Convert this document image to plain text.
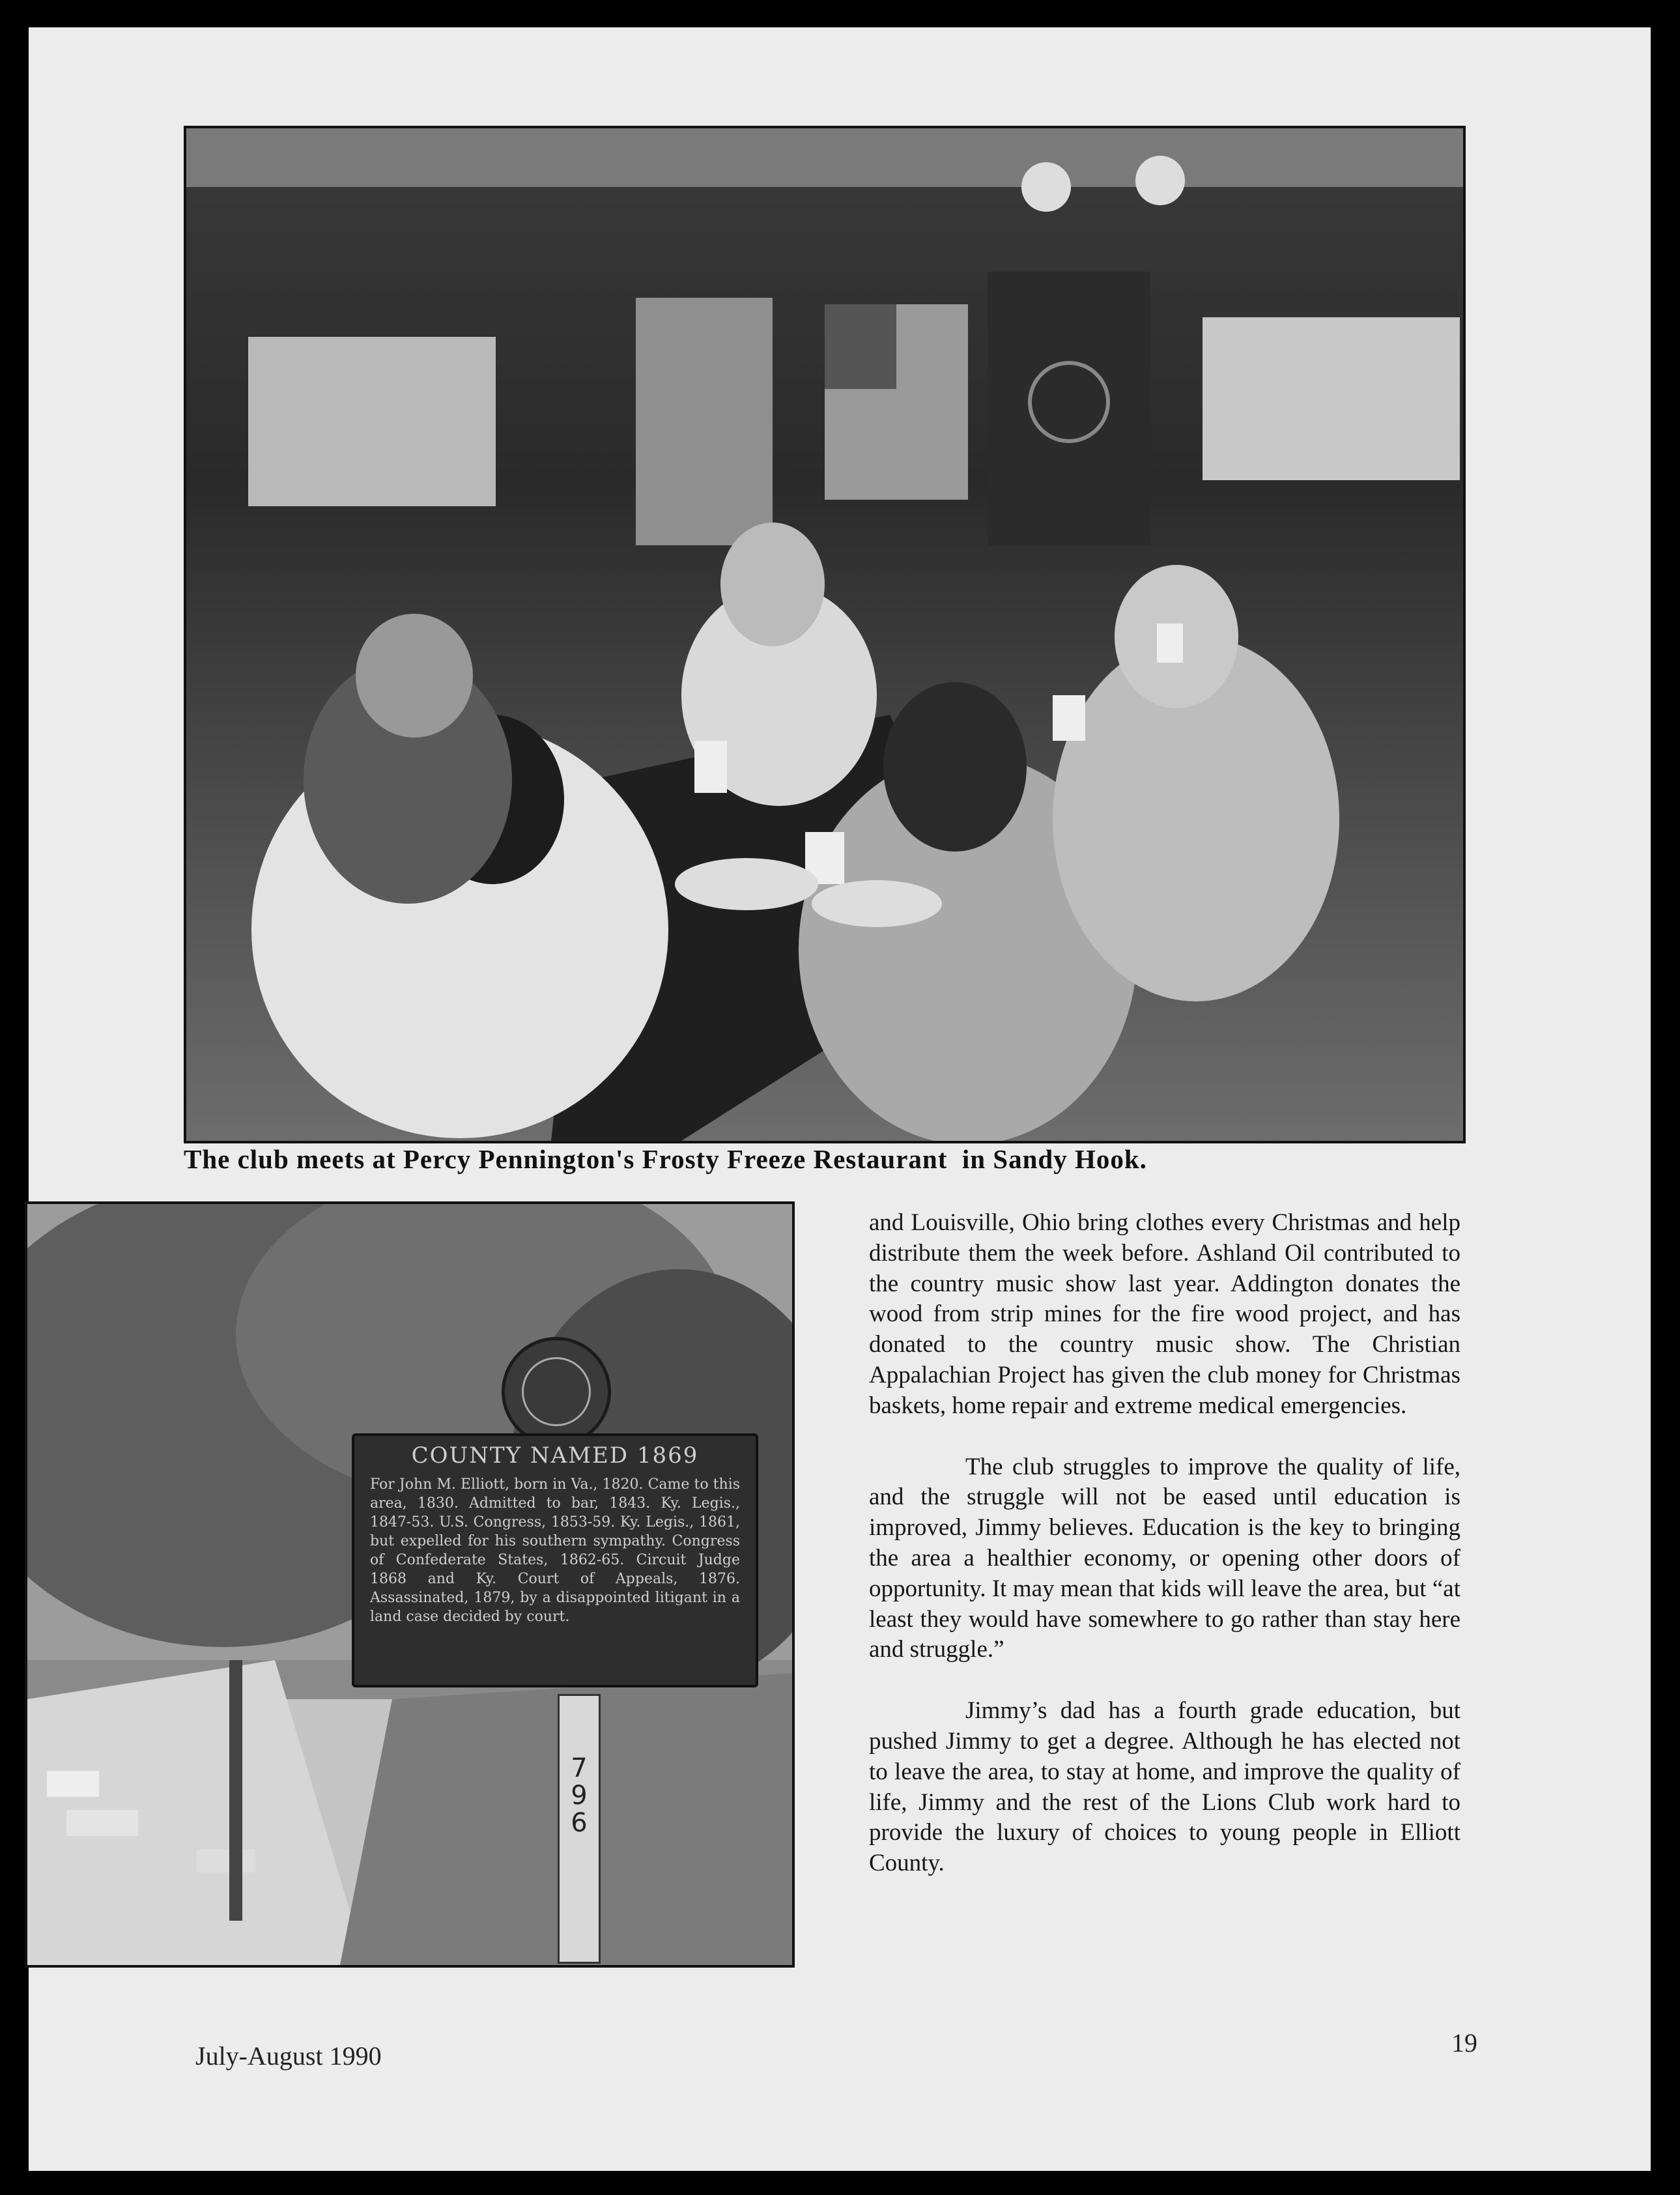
The club meets at Percy Pennington's Frosty Freeze Restaurant  in Sandy Hook.
COUNTY NAMED 1869
For John M. Elliott, born in Va., 1820. Came to this area, 1830. Admitted to bar, 1843. Ky. Legis., 1847-53. U.S. Congress, 1853-59. Ky. Legis., 1861, but expelled for his southern sympathy. Congress of Confederate States, 1862-65. Circuit Judge 1868 and Ky. Court of Appeals, 1876. Assassinated, 1879, by a disappointed litigant in a land case decided by court.
7
9
6

and Louisville, Ohio bring clothes every Christmas and help distribute them the week before. Ashland Oil contributed to the country music show last year. Addington donates the wood from strip mines for the fire wood project, and has donated to the country music show. The Christian Appalachian Project has given the club money for Christmas baskets, home repair and extreme medical emergencies.

The club struggles to improve the quality of life, and the struggle will not be eased until education is improved, Jimmy believes. Education is the key to bringing the area a healthier economy, or opening other doors of opportunity. It may mean that kids will leave the area, but “at least they would have somewhere to go rather than stay here and struggle.”

Jimmy’s dad has a fourth grade education, but pushed Jimmy to get a degree. Although he has elected not to leave the area, to stay at home, and improve the quality of life, Jimmy and the rest of the Lions Club work hard to provide the luxury of choices to young people in Elliott County.

July-August 1990	19
